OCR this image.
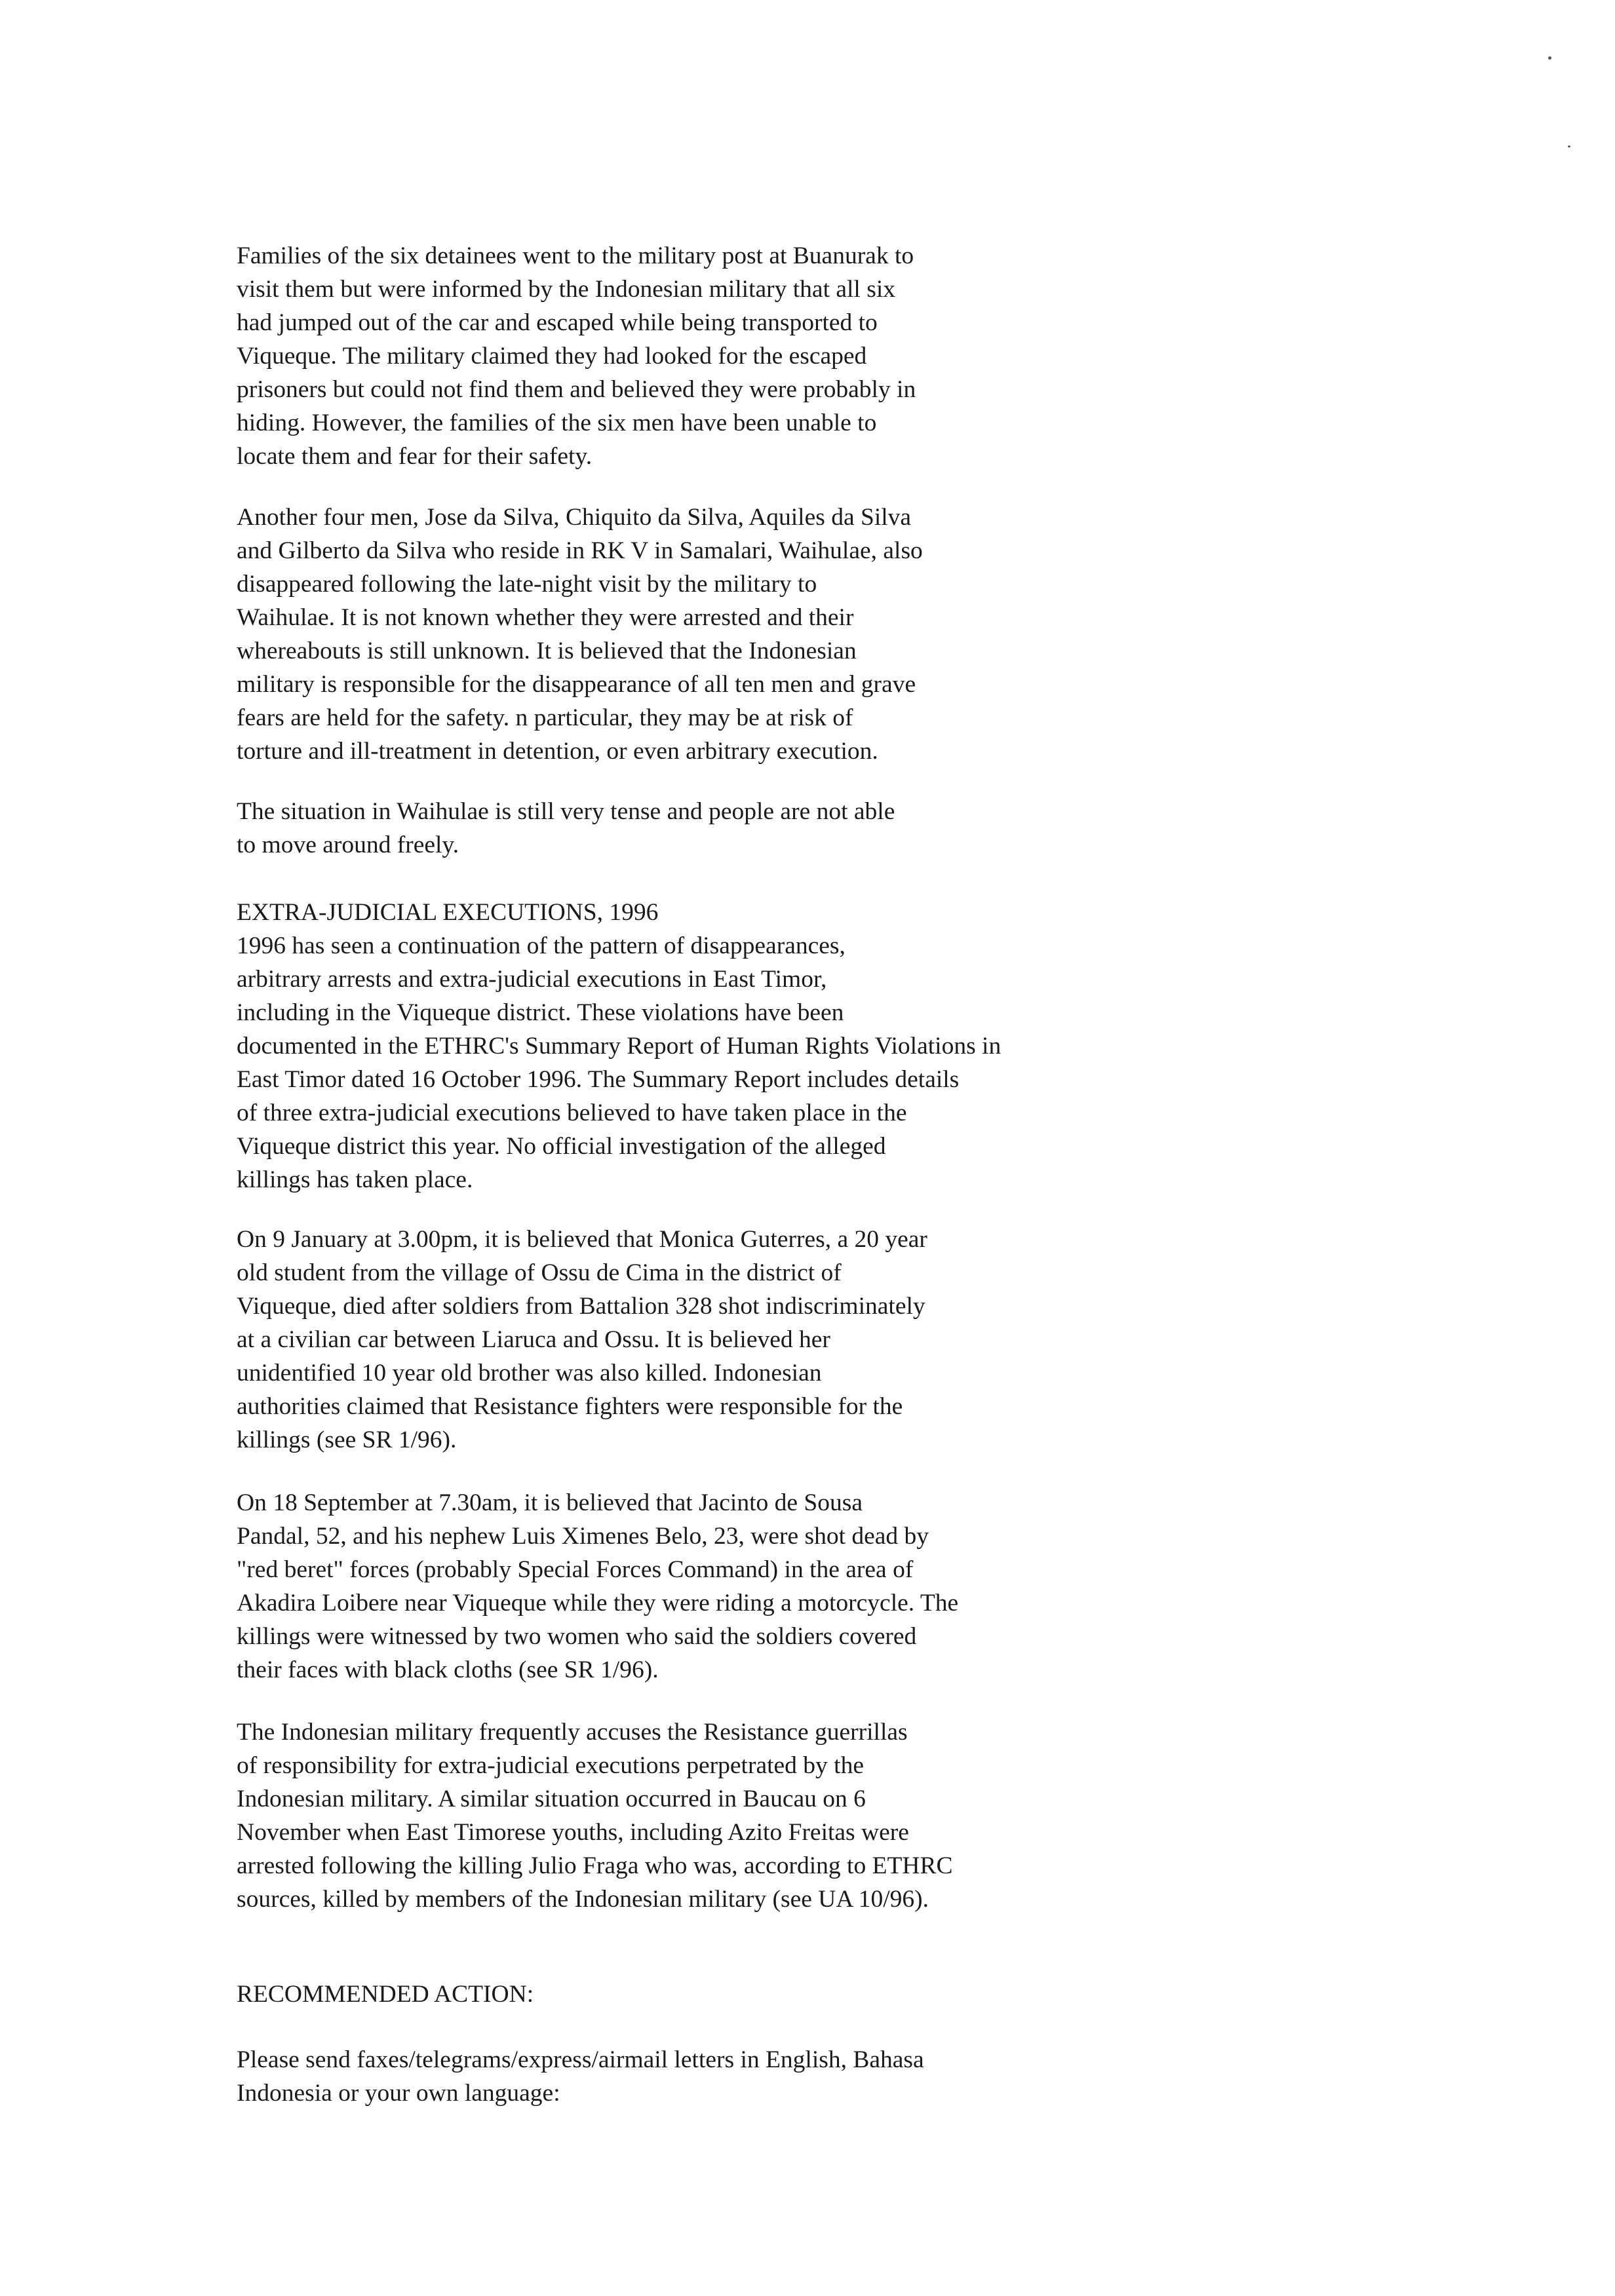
Families of the six detainees went to the military post at Buanurak to
visit them but were informed by the Indonesian military that all six
had jumped out of the car and escaped while being transported to
Viqueque. The military claimed they had looked for the escaped
prisoners but could not find them and believed they were probably in
hiding. However, the families of the six men have been unable to
locate them and fear for their safety.

Another four men, Jose da Silva, Chiquito da Silva, Aquiles da Silva
and Gilberto da Silva who reside in RK V in Samalari, Waihulae, also
disappeared following the late-night visit by the military to
Waihulae. It is not known whether they were arrested and their
whereabouts is still unknown. It is believed that the Indonesian
military is responsible for the disappearance of all ten men and grave
fears are held for the safety. n particular, they may be at risk of
torture and ill-treatment in detention, or even arbitrary execution.

The situation in Waihulae is still very tense and people are not able
to move around freely.

EXTRA-JUDICIAL EXECUTIONS, 1996
1996 has seen a continuation of the pattern of disappearances,
arbitrary arrests and extra-judicial executions in East Timor,
including in the Viqueque district. These violations have been
documented in the ETHRC's Summary Report of Human Rights Violations in
East Timor dated 16 October 1996. The Summary Report includes details
of three extra-judicial executions believed to have taken place in the
Viqueque district this year. No official investigation of the alleged
killings has taken place.

On 9 January at 3.00pm, it is believed that Monica Guterres, a 20 year
old student from the village of Ossu de Cima in the district of
Viqueque, died after soldiers from Battalion 328 shot indiscriminately
at a civilian car between Liaruca and Ossu. It is believed her
unidentified 10 year old brother was also killed. Indonesian
authorities claimed that Resistance fighters were responsible for the
killings (see SR 1/96).

On 18 September at 7.30am, it is believed that Jacinto de Sousa
Pandal, 52, and his nephew Luis Ximenes Belo, 23, were shot dead by
"red beret" forces (probably Special Forces Command) in the area of
Akadira Loibere near Viqueque while they were riding a motorcycle. The
killings were witnessed by two women who said the soldiers covered
their faces with black cloths (see SR 1/96).

The Indonesian military frequently accuses the Resistance guerrillas
of responsibility for extra-judicial executions perpetrated by the
Indonesian military. A similar situation occurred in Baucau on 6
November when East Timorese youths, including Azito Freitas were
arrested following the killing Julio Fraga who was, according to ETHRC
sources, killed by members of the Indonesian military (see UA 10/96).

RECOMMENDED ACTION:

Please send faxes/telegrams/express/airmail letters in English, Bahasa
Indonesia or your own language:
